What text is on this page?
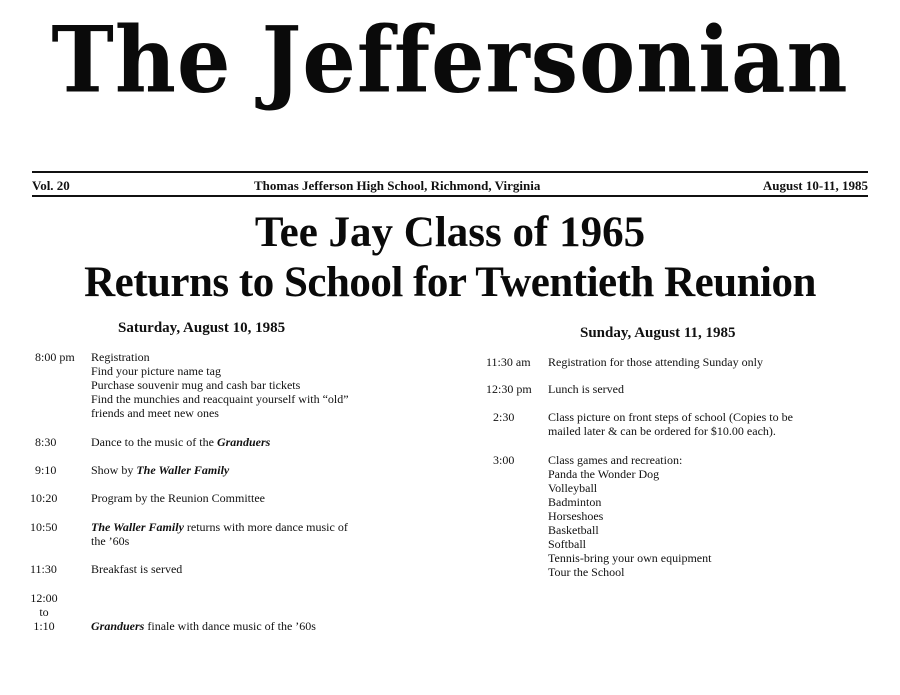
The Jeffersonian
Vol. 20	Thomas Jefferson High School, Richmond, Virginia	August 10-11, 1985
Tee Jay Class of 1965
Returns to School for Twentieth Reunion
Saturday, August 10, 1985
8:00 pm Registration
Find your picture name tag
Purchase souvenir mug and cash bar tickets
Find the munchies and reacquaint yourself with “old”
friends and meet new ones
8:30	Dance to the music of the Granduers
9:10	Show by The Waller Family
10:20	Program by the Reunion Committee
10:50	The Waller Family returns with more dance music of
the ’60s
11:30	Breakfast is served
12:00
to
1:10	Granduers finale with dance music of the ’60s
Sunday, August 11, 1985
11:30 am Registration for those attending Sunday only
12:30 pm Lunch is served
2:30	Class picture on front steps of school (Copies to be
mailed later & can be ordered for $10.00 each).
3:00	Class games and recreation:
Panda the Wonder Dog
Volleyball
Badminton
Horseshoes
Basketball
Softball
Tennis-bring your own equipment
Tour the School
